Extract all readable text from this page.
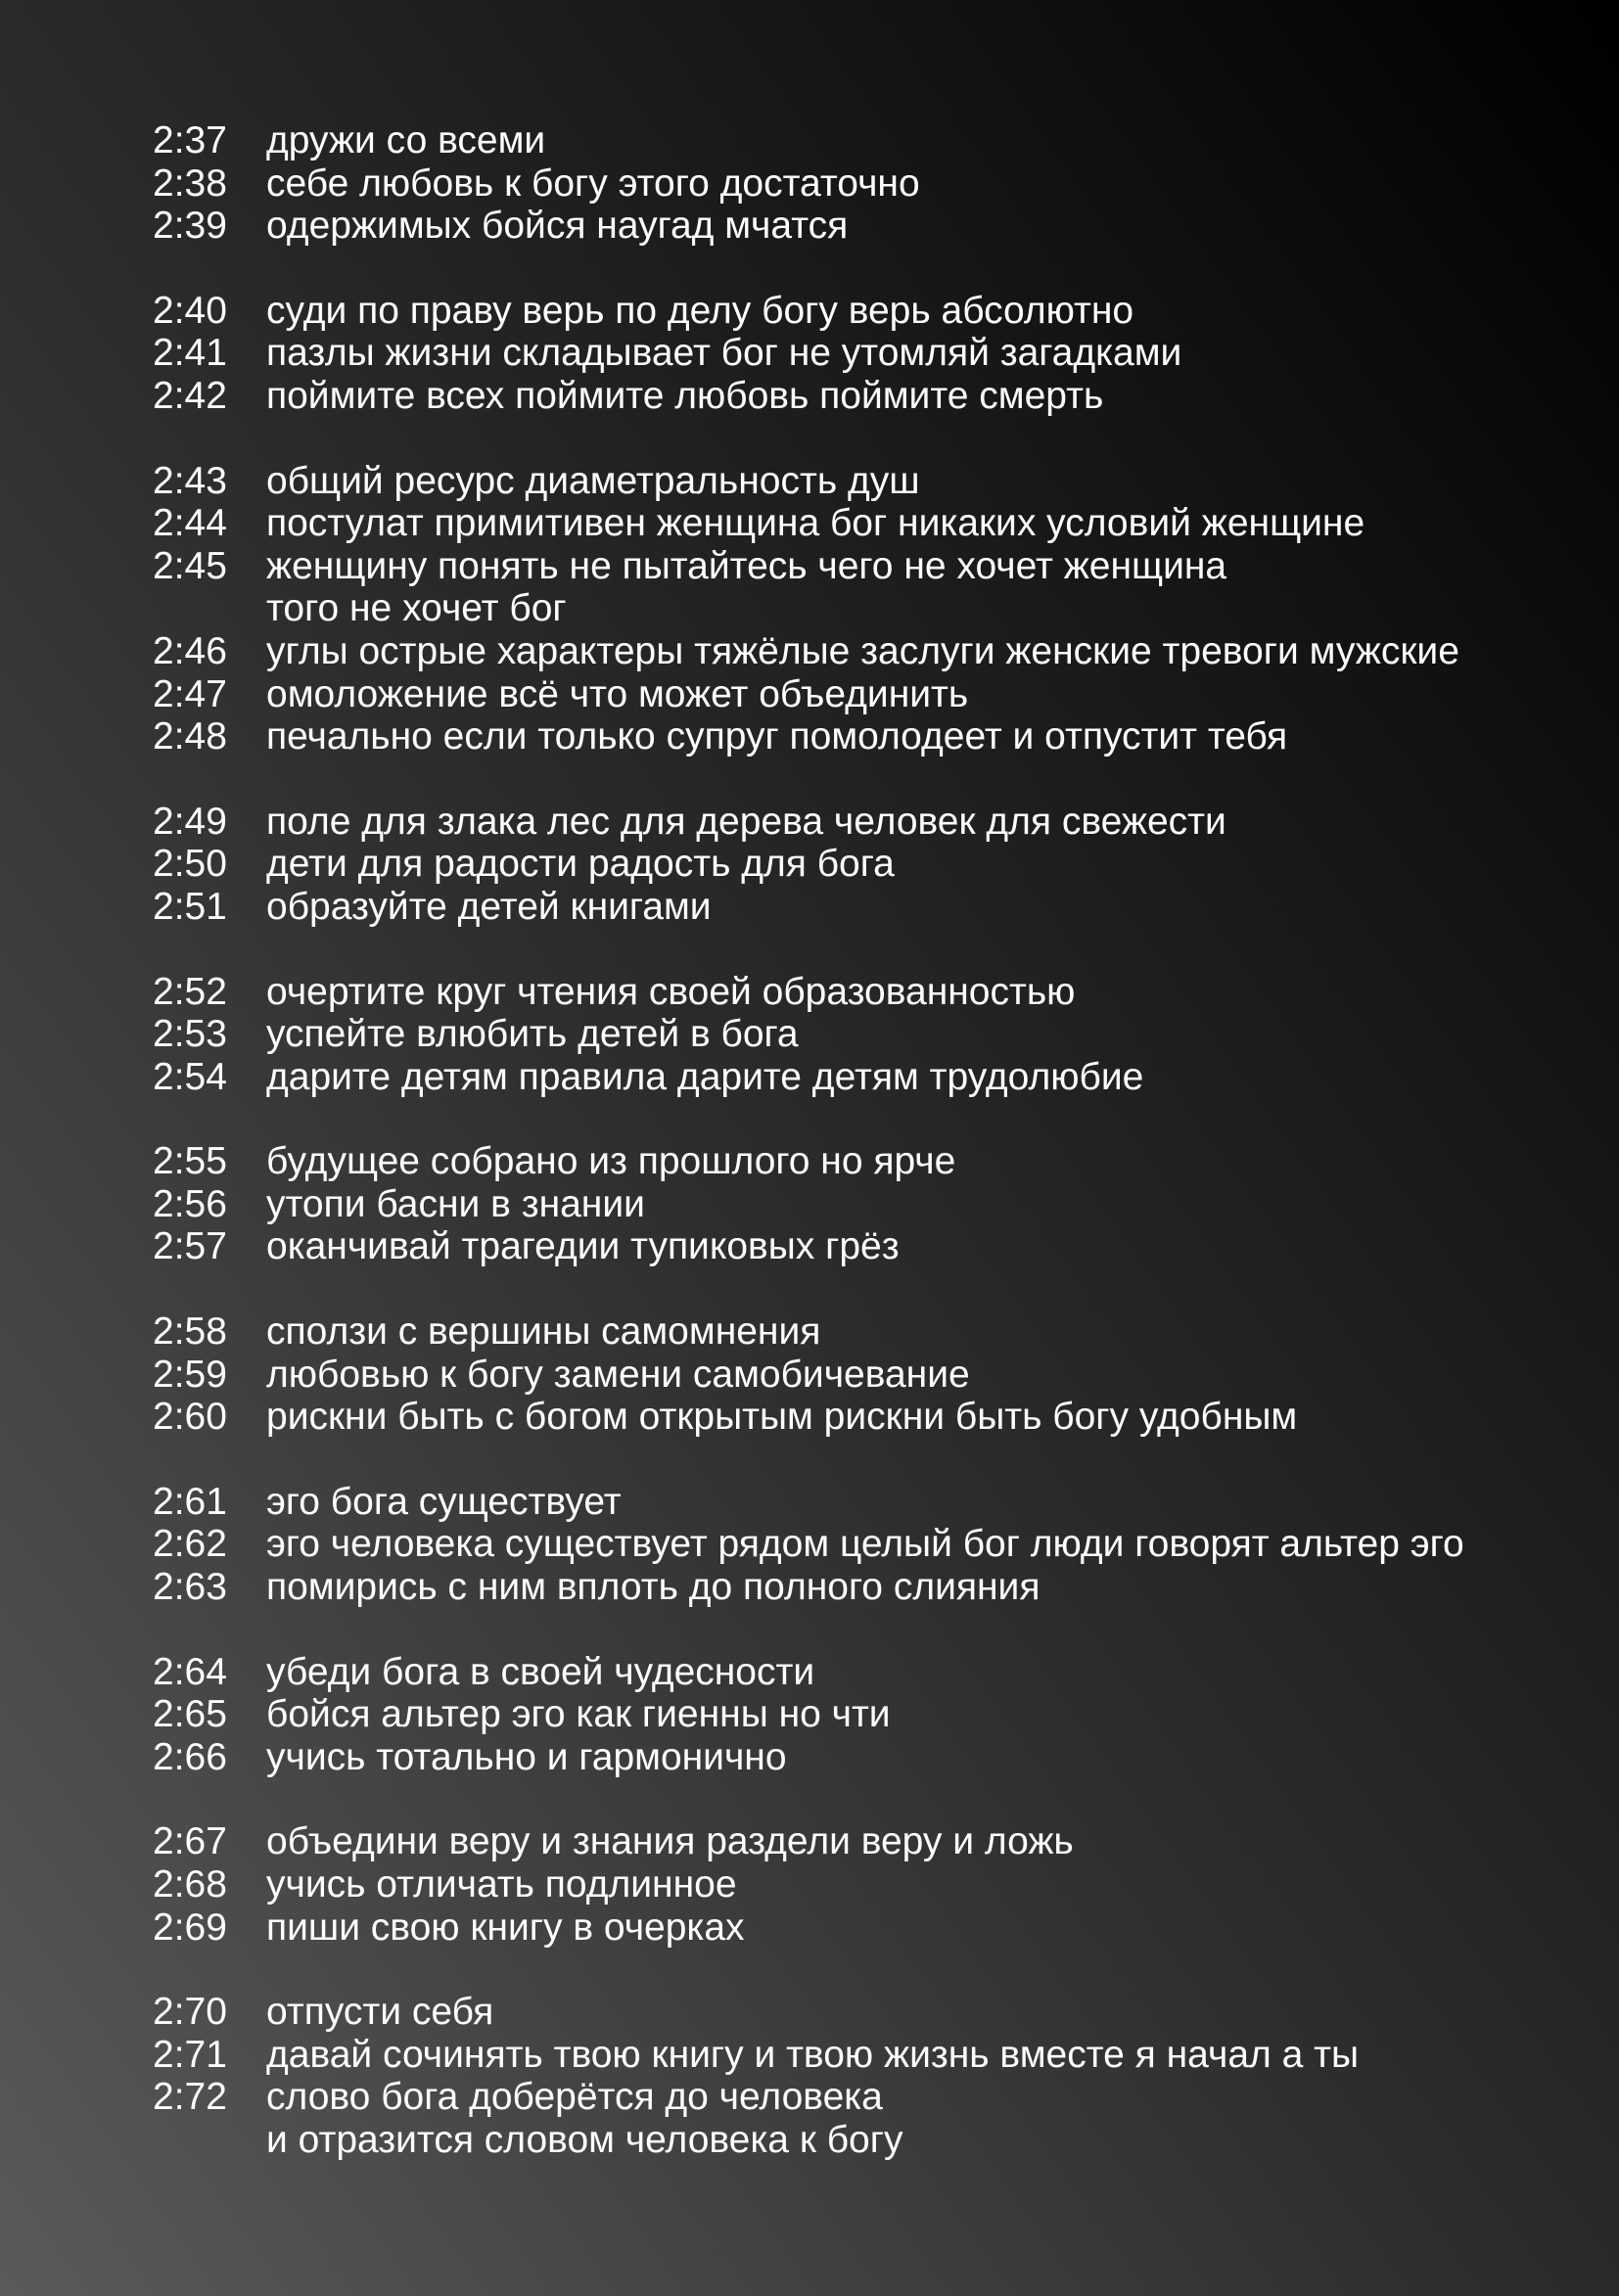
2:37	дружи со всеми
2:38	себе любовь к богу этого достаточно
2:39	одержимых бойся наугад мчатся
2:40	суди по праву верь по делу богу верь абсолютно
2:41	пазлы жизни складывает бог не утомляй загадками
2:42	поймите всех поймите любовь поймите смерть
2:43	общий ресурс диаметральность душ
2:44	постулат примитивен женщина бог никаких условий женщине
2:45	женщину понять не пытайтесь чего не хочет женщина
того не хочет бог
2:46	углы острые характеры тяжёлые заслуги женские тревоги мужские
2:47	омоложение всё что может объединить
2:48	печально если только супруг помолодеет и отпустит тебя
2:49	поле для злака лес для дерева человек для свежести
2:50	дети для радости радость для бога
2:51	образуйте детей книгами
2:52	очертите круг чтения своей образованностью
2:53	успейте влюбить детей в бога
2:54	дарите детям правила дарите детям трудолюбие
2:55	будущее собрано из прошлого но ярче
2:56	утопи басни в знании
2:57	оканчивай трагедии тупиковых грёз
2:58	сползи с вершины самомнения
2:59	любовью к богу замени самобичевание
2:60	рискни быть с богом открытым рискни быть богу удобным
2:61	эго бога существует
2:62	эго человека существует рядом целый бог люди говорят альтер эго
2:63	помирись с ним вплоть до полного слияния
2:64	убеди бога в своей чудесности
2:65	бойся альтер эго как гиенны но чти
2:66	учись тотально и гармонично
2:67	объедини веру и знания раздели веру и ложь
2:68	учись отличать подлинное
2:69	пиши свою книгу в очерках
2:70	отпусти себя
2:71	давай сочинять твою книгу и твою жизнь вместе я начал а ты
2:72	слово бога доберётся до человека
и отразится словом человека к богу
